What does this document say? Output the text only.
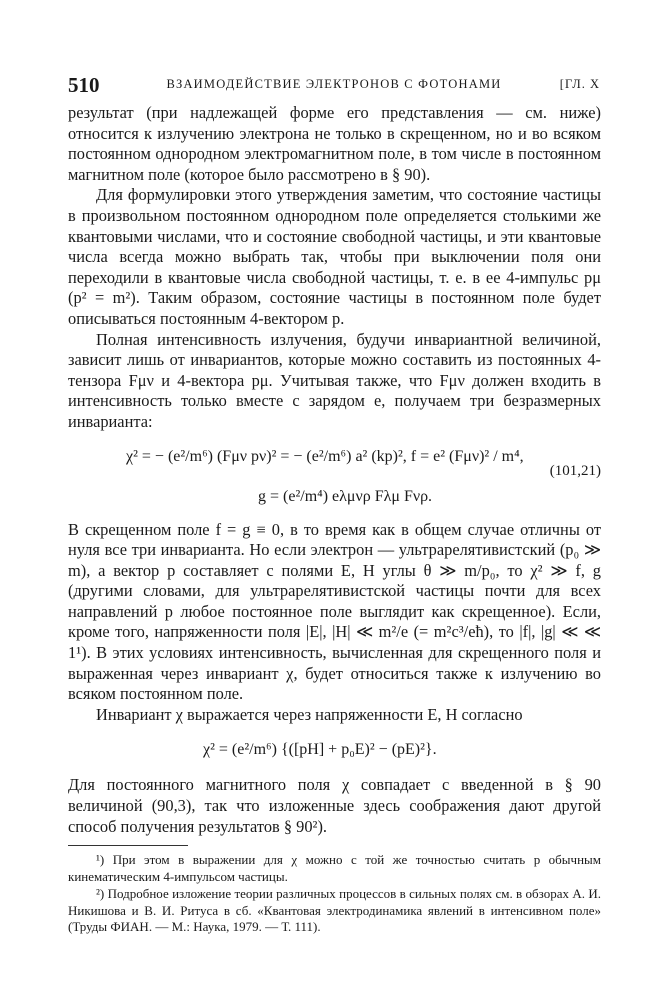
510	ВЗАИМОДЕЙСТВИЕ ЭЛЕКТРОНОВ С ФОТОНАМИ	[ГЛ. X

результат (при надлежащей форме его представления — см. ниже) относится к излучению электрона не только в скрещенном, но и во всяком постоянном однородном электромагнитном поле, в том числе в постоянном магнитном поле (которое было рассмотрено в § 90).

Для формулировки этого утверждения заметим, что состояние частицы в произвольном постоянном однородном поле определяется столькими же квантовыми числами, что и состояние свободной частицы, и эти квантовые числа всегда можно выбрать так, чтобы при выключении поля они переходили в квантовые числа свободной частицы, т. е. в ее 4-импульс pμ (p² = m²). Таким образом, состояние частицы в постоянном поле будет описываться постоянным 4-вектором p.

Полная интенсивность излучения, будучи инвариантной величиной, зависит лишь от инвариантов, которые можно составить из постоянных 4-тензора Fμν и 4-вектора pμ. Учитывая также, что Fμν должен входить в интенсивность только вместе с зарядом e, получаем три безразмерных инварианта:

χ² = − (e²/m⁶) (Fμν pν)² = − (e²/m⁶) a² (kp)², f = e² (Fμν)² / m⁴,
g = (e²/m⁴) eλμνρ Fλμ Fνρ.
(101,21)

В скрещенном поле f = g ≡ 0, в то время как в общем случае отличны от нуля все три инварианта. Но если электрон — ультрарелятивистский (p₀ ≫ m), а вектор p составляет с полями E, H углы θ ≫ m/p₀, то χ² ≫ f, g (другими словами, для ультрарелятивистской частицы почти для всех направлений p любое постоянное поле выглядит как скрещенное). Если, кроме того, напряженности поля |E|, |H| ≪ m²/e (= m²c³/eħ), то |f|, |g| ≪ ≪ 1¹). В этих условиях интенсивность, вычисленная для скрещенного поля и выраженная через инвариант χ, будет относиться также к излучению во всяком постоянном поле.

Инвариант χ выражается через напряженности E, H согласно

χ² = (e²/m⁶) {([pH] + p₀E)² − (pE)²}.

Для постоянного магнитного поля χ совпадает с введенной в § 90 величиной (90,3), так что изложенные здесь соображения дают другой способ получения результатов § 90²).

¹) При этом в выражении для χ можно с той же точностью считать p обычным кинематическим 4-импульсом частицы.

²) Подробное изложение теории различных процессов в сильных полях см. в обзорах А. И. Никишова и В. И. Ритуса в сб. «Квантовая электродинамика явлений в интенсивном поле» (Труды ФИАН. — М.: Наука, 1979. — Т. 111).
